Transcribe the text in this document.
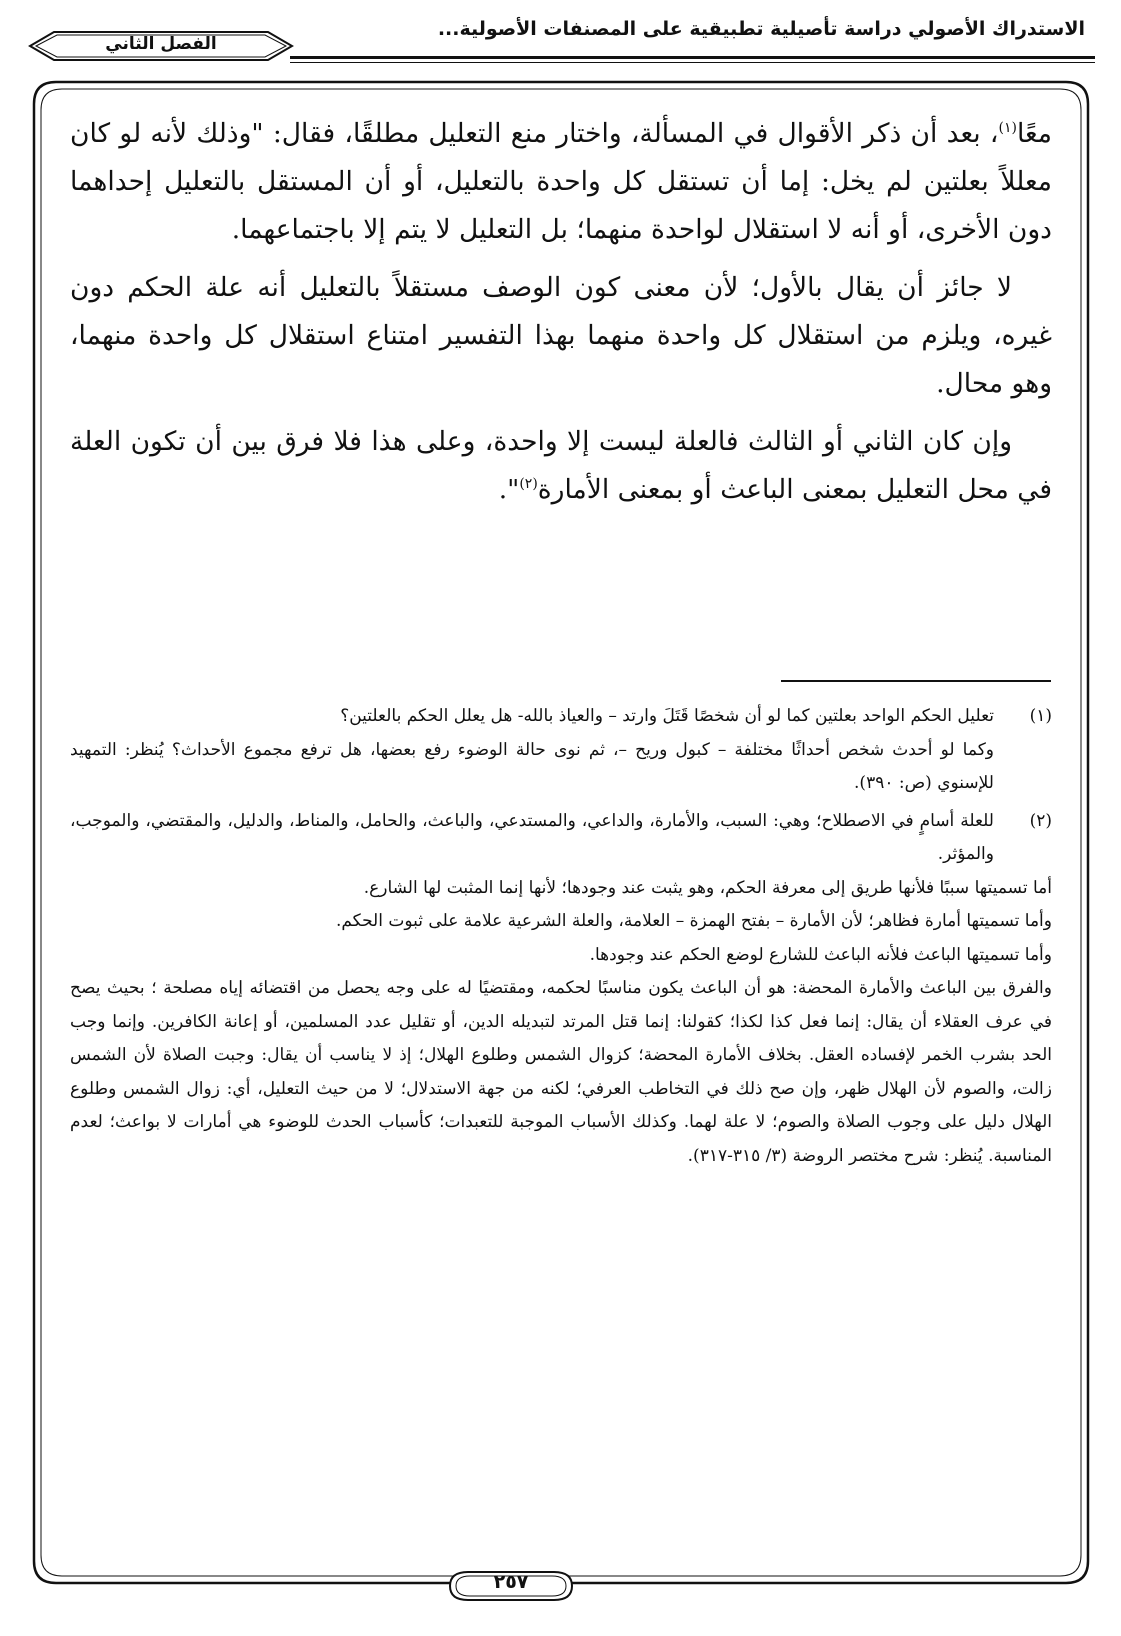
الاستدراك الأصولي دراسة تأصيلية تطبيقية على المصنفات الأصولية...
الفصل الثاني

معًا$^{(١)}$، بعد أن ذكر الأقوال في المسألة، واختار منع التعليل مطلقًا، فقال: "وذلك لأنه لو كان معللاً بعلتين لم يخل: إما أن تستقل كل واحدة بالتعليل، أو أن المستقل بالتعليل إحداهما دون الأخرى، أو أنه لا استقلال لواحدة منهما؛ بل التعليل لا يتم إلا باجتماعهما.

لا جائز أن يقال بالأول؛ لأن معنى كون الوصف مستقلاً بالتعليل أنه علة الحكم دون غيره، ويلزم من استقلال كل واحدة منهما بهذا التفسير امتناع استقلال كل واحدة منهما، وهو محال.

وإن كان الثاني أو الثالث فالعلة ليست إلا واحدة، وعلى هذا فلا فرق بين أن تكون العلة في محل التعليل بمعنى الباعث أو بمعنى الأمارة$^{(٢)}$".

(١)

تعليل الحكم الواحد بعلتين كما لو أن شخصًا قَتَلَ وارتد – والعياذ بالله- هل يعلل الحكم بالعلتين؟

وكما لو أحدث شخص أحداثًا مختلفة – كبول وريح –، ثم نوى حالة الوضوء رفع بعضها، هل ترفع مجموع الأحداث؟ يُنظر: التمهيد للإسنوي (ص: ٣٩٠).

(٢)

للعلة أسامٍ في الاصطلاح؛ وهي: السبب، والأمارة، والداعي، والمستدعي، والباعث، والحامل، والمناط، والدليل، والمقتضي، والموجب، والمؤثر.

أما تسميتها سببًا فلأنها طريق إلى معرفة الحكم، وهو يثبت عند وجودها؛ لأنها إنما المثبت لها الشارع.

وأما تسميتها أمارة فظاهر؛ لأن الأمارة – بفتح الهمزة – العلامة، والعلة الشرعية علامة على ثبوت الحكم.

وأما تسميتها الباعث فلأنه الباعث للشارع لوضع الحكم عند وجودها.

والفرق بين الباعث والأمارة المحضة: هو أن الباعث يكون مناسبًا لحكمه، ومقتضيًا له على وجه يحصل من اقتضائه إياه مصلحة ؛ بحيث يصح في عرف العقلاء أن يقال: إنما فعل كذا لكذا؛ كقولنا: إنما قتل المرتد لتبديله الدين، أو تقليل عدد المسلمين، أو إعانة الكافرين. وإنما وجب الحد بشرب الخمر لإفساده العقل. بخلاف الأمارة المحضة؛ كزوال الشمس وطلوع الهلال؛ إذ لا يناسب أن يقال: وجبت الصلاة لأن الشمس زالت، والصوم لأن الهلال ظهر، وإن صح ذلك في التخاطب العرفي؛ لكنه من جهة الاستدلال؛ لا من حيث التعليل، أي: زوال الشمس وطلوع الهلال دليل على وجوب الصلاة والصوم؛ لا علة لهما. وكذلك الأسباب الموجبة للتعبدات؛ كأسباب الحدث للوضوء هي أمارات لا بواعث؛ لعدم المناسبة. يُنظر: شرح مختصر الروضة (٣/ ٣١٥-٣١٧).

٢٥٧
